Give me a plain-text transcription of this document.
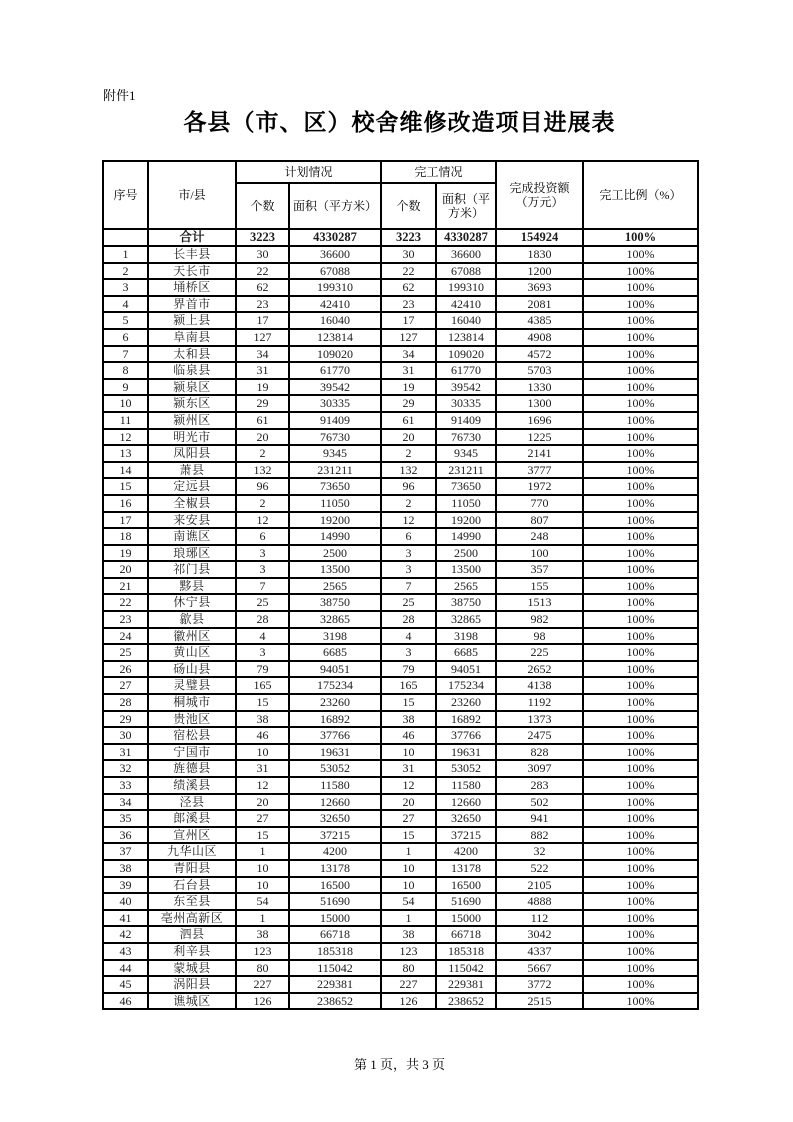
附件1
各县（市、区）校舍维修改造项目进展表
序号	市/县	计划情况		完工情况		完成投资额（万元）	完工比例（%）
		个数	面积（平方米）	个数	面积（平方米）		
	合计	3223	4330287	3223	4330287	154924	100%
1	长丰县	30	36600	30	36600	1830	100%
2	天长市	22	67088	22	67088	1200	100%
3	埇桥区	62	199310	62	199310	3693	100%
4	界首市	23	42410	23	42410	2081	100%
5	颍上县	17	16040	17	16040	4385	100%
6	阜南县	127	123814	127	123814	4908	100%
7	太和县	34	109020	34	109020	4572	100%
8	临泉县	31	61770	31	61770	5703	100%
9	颍泉区	19	39542	19	39542	1330	100%
10	颍东区	29	30335	29	30335	1300	100%
11	颍州区	61	91409	61	91409	1696	100%
12	明光市	20	76730	20	76730	1225	100%
13	凤阳县	2	9345	2	9345	2141	100%
14	萧县	132	231211	132	231211	3777	100%
15	定远县	96	73650	96	73650	1972	100%
16	全椒县	2	11050	2	11050	770	100%
17	来安县	12	19200	12	19200	807	100%
18	南谯区	6	14990	6	14990	248	100%
19	琅琊区	3	2500	3	2500	100	100%
20	祁门县	3	13500	3	13500	357	100%
21	黟县	7	2565	7	2565	155	100%
22	休宁县	25	38750	25	38750	1513	100%
23	歙县	28	32865	28	32865	982	100%
24	徽州区	4	3198	4	3198	98	100%
25	黄山区	3	6685	3	6685	225	100%
26	砀山县	79	94051	79	94051	2652	100%
27	灵璧县	165	175234	165	175234	4138	100%
28	桐城市	15	23260	15	23260	1192	100%
29	贵池区	38	16892	38	16892	1373	100%
30	宿松县	46	37766	46	37766	2475	100%
31	宁国市	10	19631	10	19631	828	100%
32	旌德县	31	53052	31	53052	3097	100%
33	绩溪县	12	11580	12	11580	283	100%
34	泾县	20	12660	20	12660	502	100%
35	郎溪县	27	32650	27	32650	941	100%
36	宣州区	15	37215	15	37215	882	100%
37	九华山区	1	4200	1	4200	32	100%
38	青阳县	10	13178	10	13178	522	100%
39	石台县	10	16500	10	16500	2105	100%
40	东至县	54	51690	54	51690	4888	100%
41	亳州高新区	1	15000	1	15000	112	100%
42	泗县	38	66718	38	66718	3042	100%
43	利辛县	123	185318	123	185318	4337	100%
44	蒙城县	80	115042	80	115042	5667	100%
45	涡阳县	227	229381	227	229381	3772	100%
46	谯城区	126	238652	126	238652	2515	100%
第 1 页，共 3 页
